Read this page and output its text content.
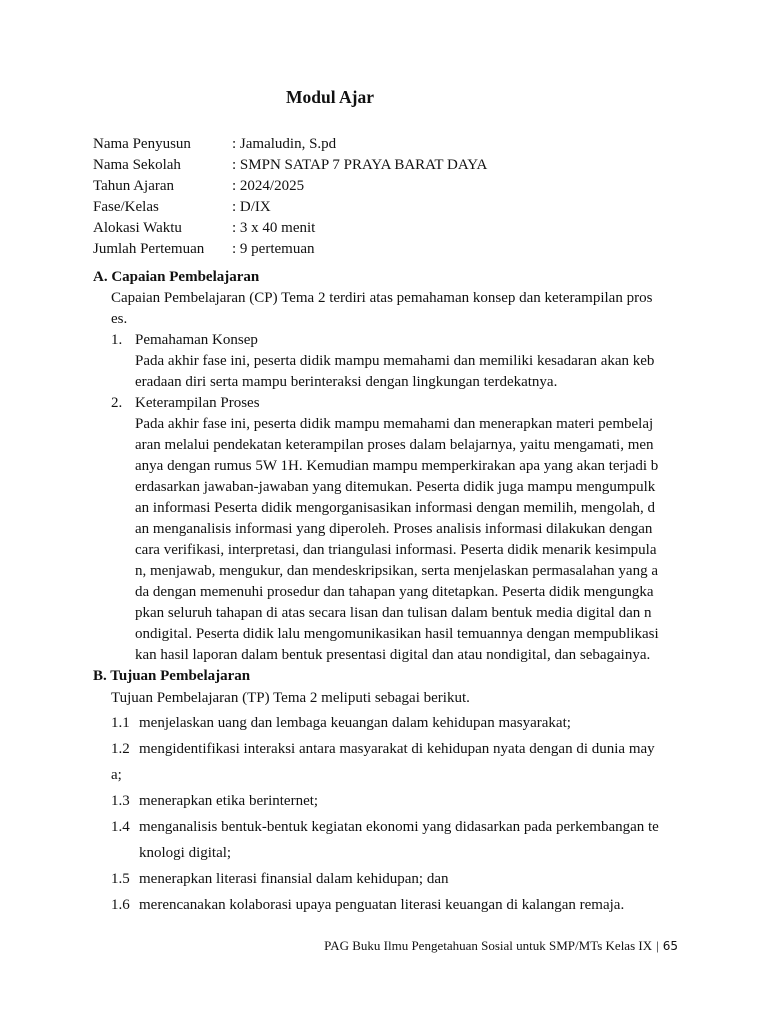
Modul Ajar
Nama Penyusun	: Jamaludin, S.pd
Nama Sekolah	: SMPN SATAP 7 PRAYA BARAT DAYA
Tahun Ajaran	: 2024/2025
Fase/Kelas	: D/IX
Alokasi Waktu	: 3 x 40 menit
Jumlah Pertemuan : 9 pertemuan
A. Capaian Pembelajaran
Capaian Pembelajaran (CP) Tema 2 terdiri atas pemahaman konsep dan keterampilan pros
es.
1. Pemahaman Konsep
Pada akhir fase ini, peserta didik mampu memahami dan memiliki kesadaran akan keb
eradaan diri serta mampu berinteraksi dengan lingkungan terdekatnya.
2. Keterampilan Proses
Pada akhir fase ini, peserta didik mampu memahami dan menerapkan materi pembelaj
aran melalui pendekatan keterampilan proses dalam belajarnya, yaitu mengamati, men
anya dengan rumus 5W 1H. Kemudian mampu memperkirakan apa yang akan terjadi b
erdasarkan jawaban-jawaban yang ditemukan. Peserta didik juga mampu mengumpulk
an informasi Peserta didik mengorganisasikan informasi dengan memilih, mengolah, d
an menganalisis informasi yang diperoleh. Proses analisis informasi dilakukan dengan
cara verifikasi, interpretasi, dan triangulasi informasi. Peserta didik menarik kesimpula
n, menjawab, mengukur, dan mendeskripsikan, serta menjelaskan permasalahan yang a
da dengan memenuhi prosedur dan tahapan yang ditetapkan. Peserta didik mengungka
pkan seluruh tahapan di atas secara lisan dan tulisan dalam bentuk media digital dan n
ondigital. Peserta didik lalu mengomunikasikan hasil temuannya dengan mempublikasi
kan hasil laporan dalam bentuk presentasi digital dan atau nondigital, dan sebagainya.
B. Tujuan Pembelajaran
Tujuan Pembelajaran (TP) Tema 2 meliputi sebagai berikut.
1.1 menjelaskan uang dan lembaga keuangan dalam kehidupan masyarakat;
1.2 mengidentifikasi interaksi antara masyarakat di kehidupan nyata dengan di dunia may
a;
1.3 menerapkan etika berinternet;
1.4 menganalisis bentuk-bentuk kegiatan ekonomi yang didasarkan pada perkembangan te
knologi digital;
1.5 menerapkan literasi finansial dalam kehidupan; dan
1.6 merencanakan kolaborasi upaya penguatan literasi keuangan di kalangan remaja.
PAG Buku Ilmu Pengetahuan Sosial untuk SMP/MTs Kelas IX | 65
